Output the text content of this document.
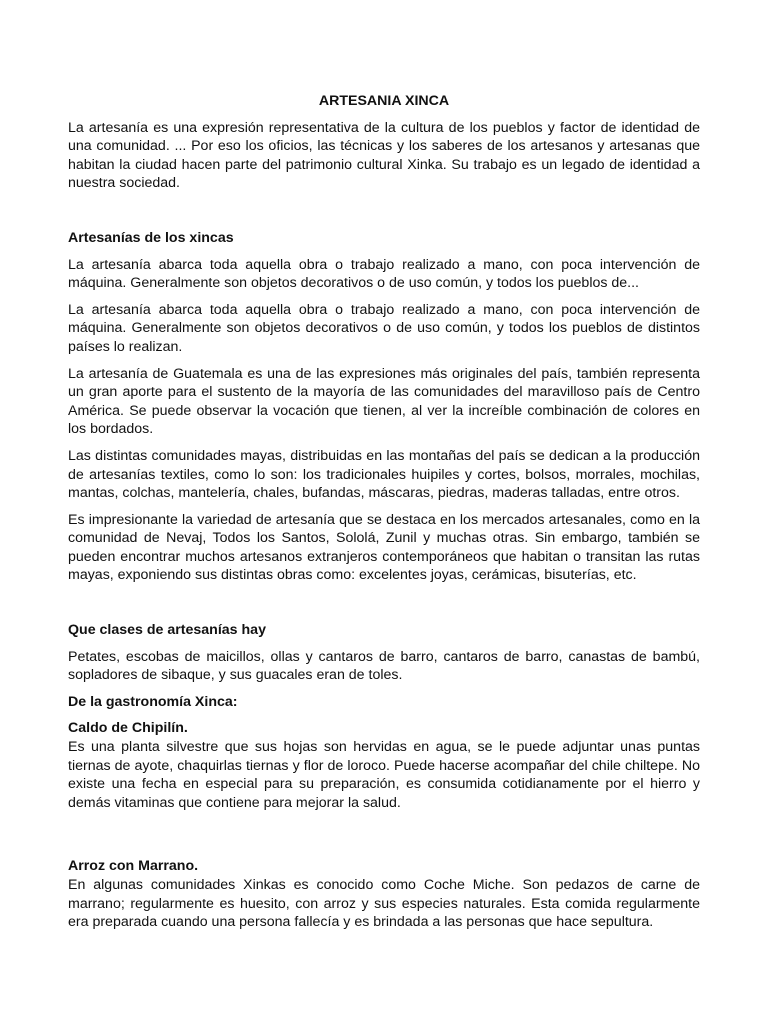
ARTESANIA XINCA

La artesanía es una expresión representativa de la cultura de los pueblos y factor de identidad de una comunidad. ... Por eso los oficios, las técnicas y los saberes de los artesanos y artesanas que habitan la ciudad hacen parte del patrimonio cultural Xinka. Su trabajo es un legado de identidad a nuestra sociedad.

Artesanías de los xincas

La artesanía abarca toda aquella obra o trabajo realizado a mano, con poca intervención de máquina. Generalmente son objetos decorativos o de uso común, y todos los pueblos de...

La artesanía abarca toda aquella obra o trabajo realizado a mano, con poca intervención de máquina. Generalmente son objetos decorativos o de uso común, y todos los pueblos de distintos países lo realizan.

La artesanía de Guatemala es una de las expresiones más originales del país, también representa un gran aporte para el sustento de la mayoría de las comunidades del maravilloso país de Centro América. Se puede observar la vocación que tienen, al ver la increíble combinación de colores en los bordados.

Las distintas comunidades mayas, distribuidas en las montañas del país se dedican a la producción de artesanías textiles, como lo son: los tradicionales huipiles y cortes, bolsos, morrales, mochilas, mantas, colchas, mantelería, chales, bufandas, máscaras, piedras, maderas talladas, entre otros.

Es impresionante la variedad de artesanía que se destaca en los mercados artesanales, como en la comunidad de Nevaj, Todos los Santos, Sololá, Zunil y muchas otras. Sin embargo, también se pueden encontrar muchos artesanos extranjeros contemporáneos que habitan o transitan las rutas mayas, exponiendo sus distintas obras como: excelentes joyas, cerámicas, bisuterías, etc.

Que clases de artesanías hay

Petates, escobas de maicillos, ollas y cantaros de barro, cantaros de barro, canastas de bambú, sopladores de sibaque, y sus guacales eran de toles.

De la gastronomía Xinca:
Caldo de Chipilín.

Es una planta silvestre que sus hojas son hervidas en agua, se le puede adjuntar unas puntas tiernas de ayote, chaquirlas tiernas y flor de loroco. Puede hacerse acompañar del chile chiltepe. No existe una fecha en especial para su preparación, es consumida cotidianamente por el hierro y demás vitaminas que contiene para mejorar la salud.

Arroz con Marrano.

En algunas comunidades Xinkas es conocido como Coche Miche. Son pedazos de carne de marrano; regularmente es huesito, con arroz y sus especies naturales. Esta comida regularmente era preparada cuando una persona fallecía y es brindada a las personas que hace sepultura.
